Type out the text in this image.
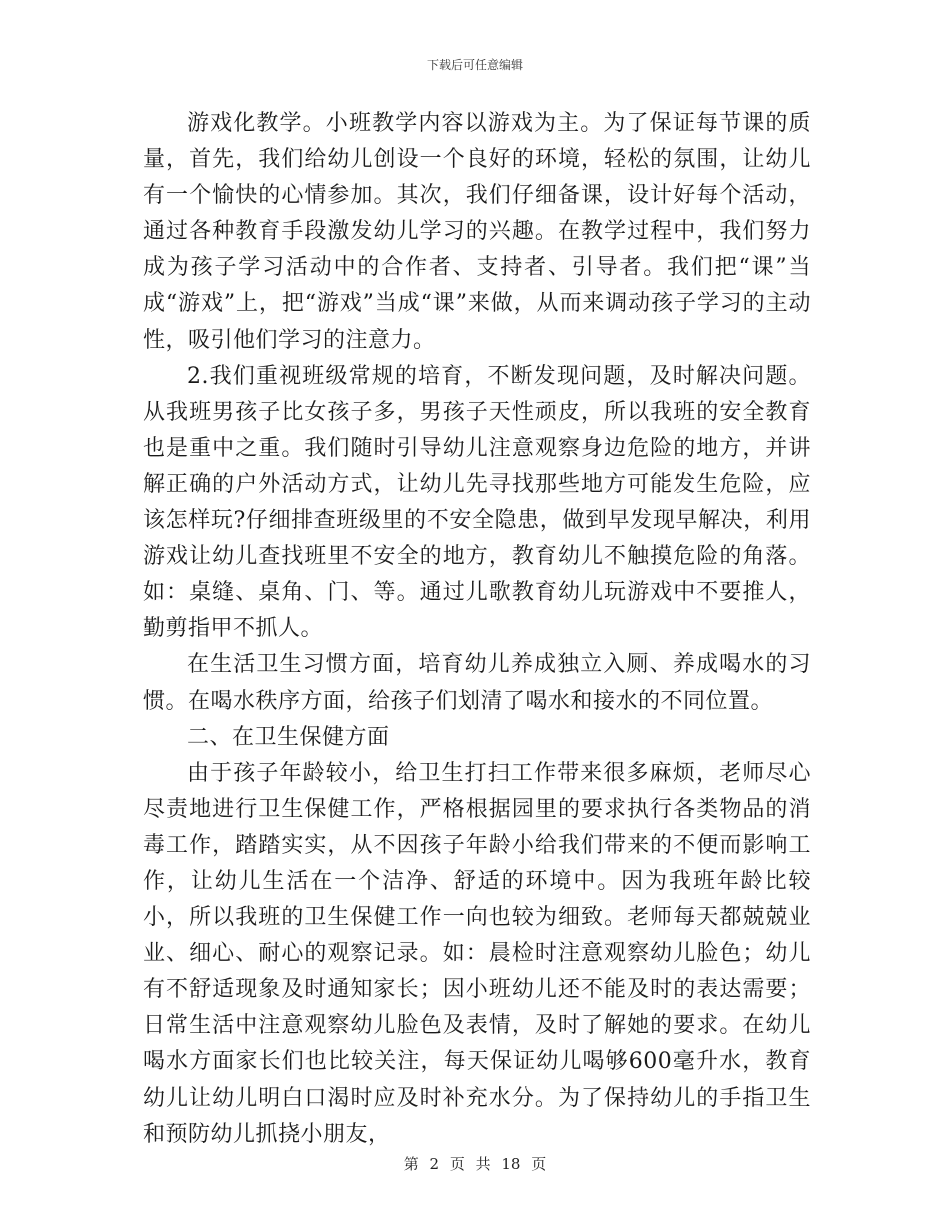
下载后可任意编辑

游戏化教学。小班教学内容以游戏为主。为了保证每节课的质量，首先，我们给幼儿创设一个良好的环境，轻松的氛围，让幼儿有一个愉快的心情参加。其次，我们仔细备课，设计好每个活动，通过各种教育手段激发幼儿学习的兴趣。在教学过程中，我们努力成为孩子学习活动中的合作者、支持者、引导者。我们把“课”当成“游戏”上，把“游戏”当成“课”来做，从而来调动孩子学习的主动性，吸引他们学习的注意力。

2.我们重视班级常规的培育，不断发现问题，及时解决问题。从我班男孩子比女孩子多，男孩子天性顽皮，所以我班的安全教育也是重中之重。我们随时引导幼儿注意观察身边危险的地方，并讲解正确的户外活动方式，让幼儿先寻找那些地方可能发生危险，应该怎样玩?仔细排查班级里的不安全隐患，做到早发现早解决，利用游戏让幼儿查找班里不安全的地方，教育幼儿不触摸危险的角落。如：桌缝、桌角、门、等。通过儿歌教育幼儿玩游戏中不要推人，勤剪指甲不抓人。

在生活卫生习惯方面，培育幼儿养成独立入厕、养成喝水的习惯。在喝水秩序方面，给孩子们划清了喝水和接水的不同位置。

二、在卫生保健方面

由于孩子年龄较小，给卫生打扫工作带来很多麻烦，老师尽心尽责地进行卫生保健工作，严格根据园里的要求执行各类物品的消毒工作，踏踏实实，从不因孩子年龄小给我们带来的不便而影响工作，让幼儿生活在一个洁净、舒适的环境中。因为我班年龄比较小，所以我班的卫生保健工作一向也较为细致。老师每天都兢兢业业、细心、耐心的观察记录。如：晨检时注意观察幼儿脸色；幼儿有不舒适现象及时通知家长；因小班幼儿还不能及时的表达需要；日常生活中注意观察幼儿脸色及表情，及时了解她的要求。在幼儿喝水方面家长们也比较关注，每天保证幼儿喝够600毫升水，教育幼儿让幼儿明白口渴时应及时补充水分。为了保持幼儿的手指卫生和预防幼儿抓挠小朋友，

第 2 页 共 18 页
